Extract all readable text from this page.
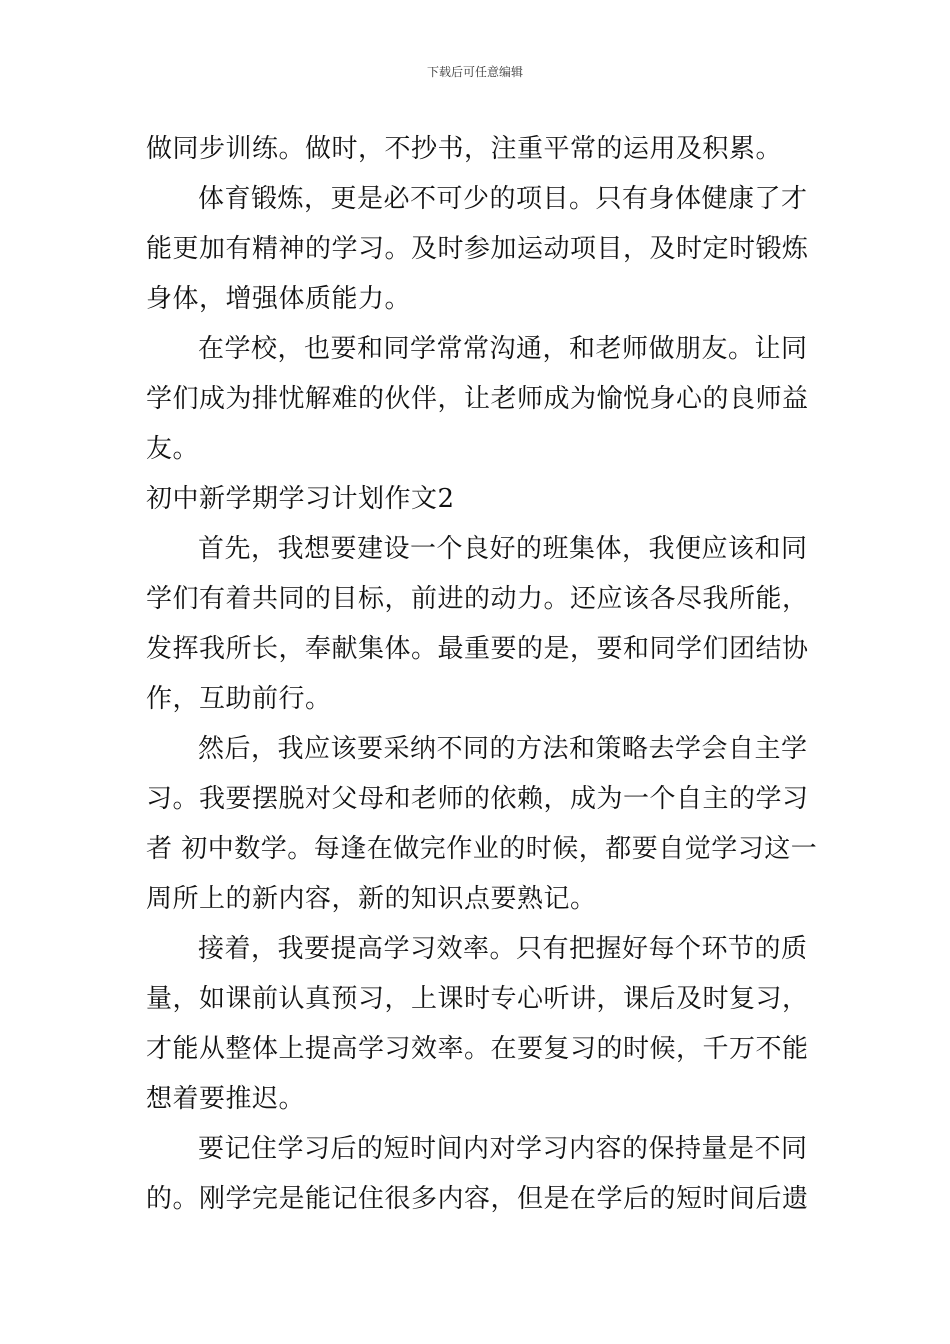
下载后可任意编辑
做同步训练。做时，不抄书，注重平常的运用及积累。
体育锻炼，更是必不可少的项目。只有身体健康了才
能更加有精神的学习。及时参加运动项目，及时定时锻炼
身体，增强体质能力。
在学校，也要和同学常常沟通，和老师做朋友。让同
学们成为排忧解难的伙伴，让老师成为愉悦身心的良师益
友。
初中新学期学习计划作文2
首先，我想要建设一个良好的班集体，我便应该和同
学们有着共同的目标，前进的动力。还应该各尽我所能，
发挥我所长，奉献集体。最重要的是，要和同学们团结协
作，互助前行。
然后，我应该要采纳不同的方法和策略去学会自主学
习。我要摆脱对父母和老师的依赖，成为一个自主的学习
者 初中数学。每逢在做完作业的时候，都要自觉学习这一
周所上的新内容，新的知识点要熟记。
接着，我要提高学习效率。只有把握好每个环节的质
量，如课前认真预习，上课时专心听讲，课后及时复习，
才能从整体上提高学习效率。在要复习的时候，千万不能
想着要推迟。
要记住学习后的短时间内对学习内容的保持量是不同
的。刚学完是能记住很多内容，但是在学后的短时间后遗
